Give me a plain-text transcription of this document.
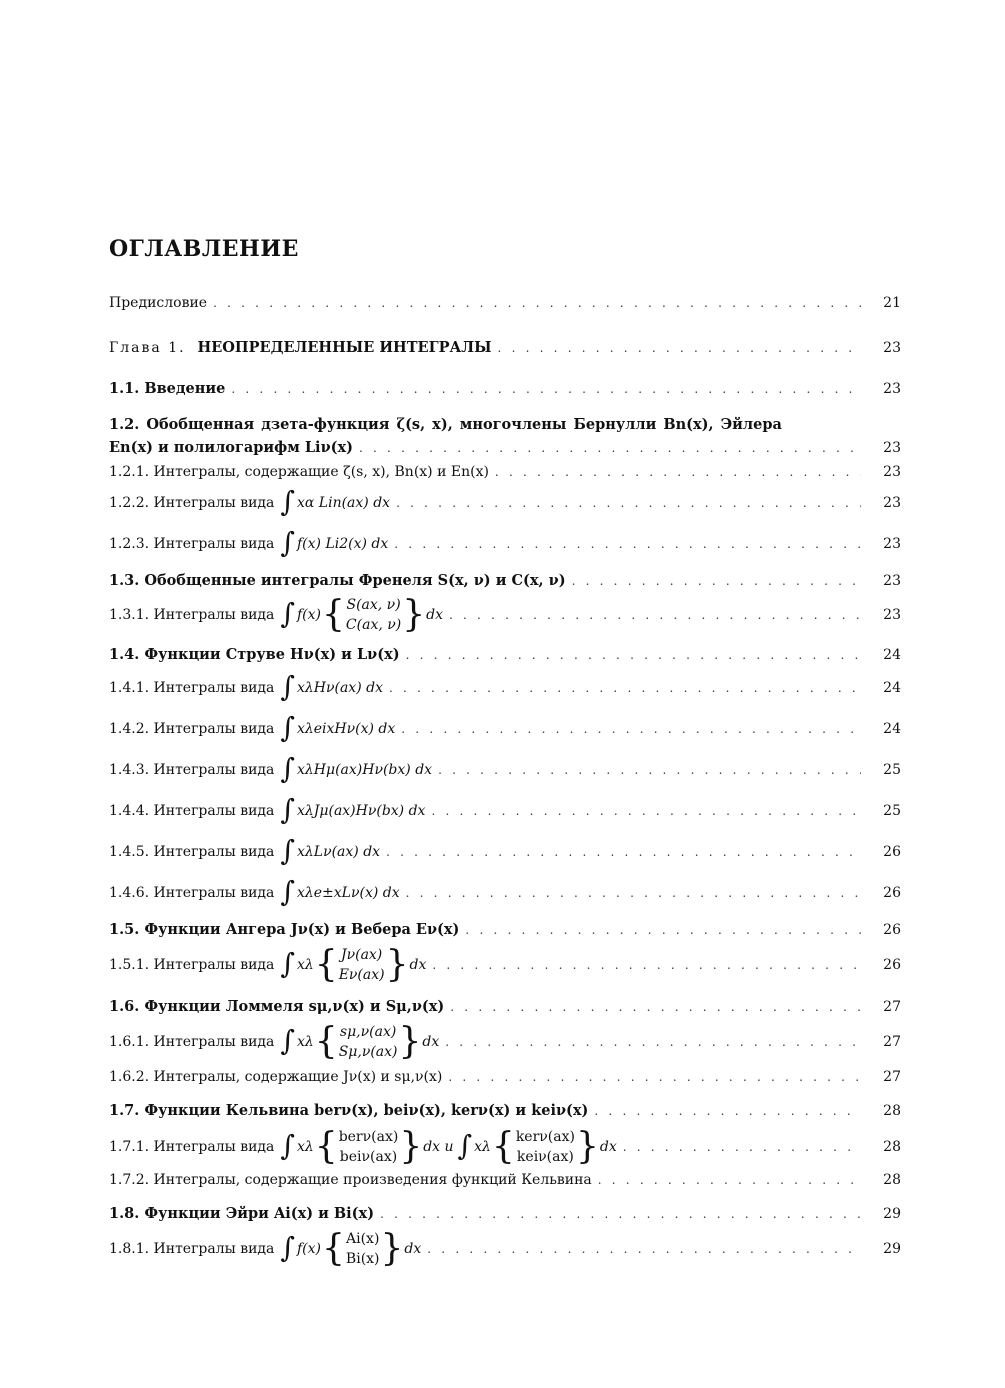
ОГЛАВЛЕНИЕ
Предисловие . . .	21
Глава 1. НЕОПРЕДЕЛЕННЫЕ ИНТЕГРАЛЫ . . .	23
1.1. Введение . . .	23
1.2. Обобщенная дзета-функция ζ(s, x), многочлены Бернулли Bn(x), Эйлера
En(x) и полилогарифм Liν(x) . . .	23
1.2.1. Интегралы, содержащие ζ(s, x), Bn(x) и En(x) . . .	23
1.2.2. Интегралы вида ∫ xα Lin(ax) dx . . .	23
1.2.3. Интегралы вида ∫ f(x) Li2(x) dx . . .	23
1.3. Обобщенные интегралы Френеля S(x, ν) и C(x, ν) . . .	23
1.3.1. Интегралы вида ∫ f(x) { S(ax, ν)
C(ax, ν) } dx . . .	23
1.4. Функции Струве Hν(x) и Lν(x) . . .	24
1.4.1. Интегралы вида ∫ xλHν(ax) dx . . .	24
1.4.2. Интегралы вида ∫ xλeixHν(x) dx . . .	24
1.4.3. Интегралы вида ∫ xλHμ(ax)Hν(bx) dx . . .	25
1.4.4. Интегралы вида ∫ xλJμ(ax)Hν(bx) dx . . .	25
1.4.5. Интегралы вида ∫ xλLν(ax) dx . . .	26
1.4.6. Интегралы вида ∫ xλe±xLν(x) dx . . .	26
1.5. Функции Ангера Jν(x) и Вебера Eν(x) . . .	26
1.5.1. Интегралы вида ∫ xλ { Jν(ax)
Eν(ax) } dx . . .	26
1.6. Функции Ломмеля sμ,ν(x) и Sμ,ν(x) . . .	27
1.6.1. Интегралы вида ∫ xλ { sμ,ν(ax)
Sμ,ν(ax) } dx . . .	27
1.6.2. Интегралы, содержащие Jν(x) и sμ,ν(x) . . .	27
1.7. Функции Кельвина berν(x), beiν(x), kerν(x) и keiν(x) . . .	28
1.7.1. Интегралы вида ∫ xλ { berν(ax)
beiν(ax) } dx и ∫ xλ { kerν(ax)
keiν(ax) } dx . . .	28
1.7.2. Интегралы, содержащие произведения функций Кельвина . . .	28
1.8. Функции Эйри Ai(x) и Bi(x) . . .	29
1.8.1. Интегралы вида ∫ f(x) { Ai(x)
Bi(x) } dx . . .	29
